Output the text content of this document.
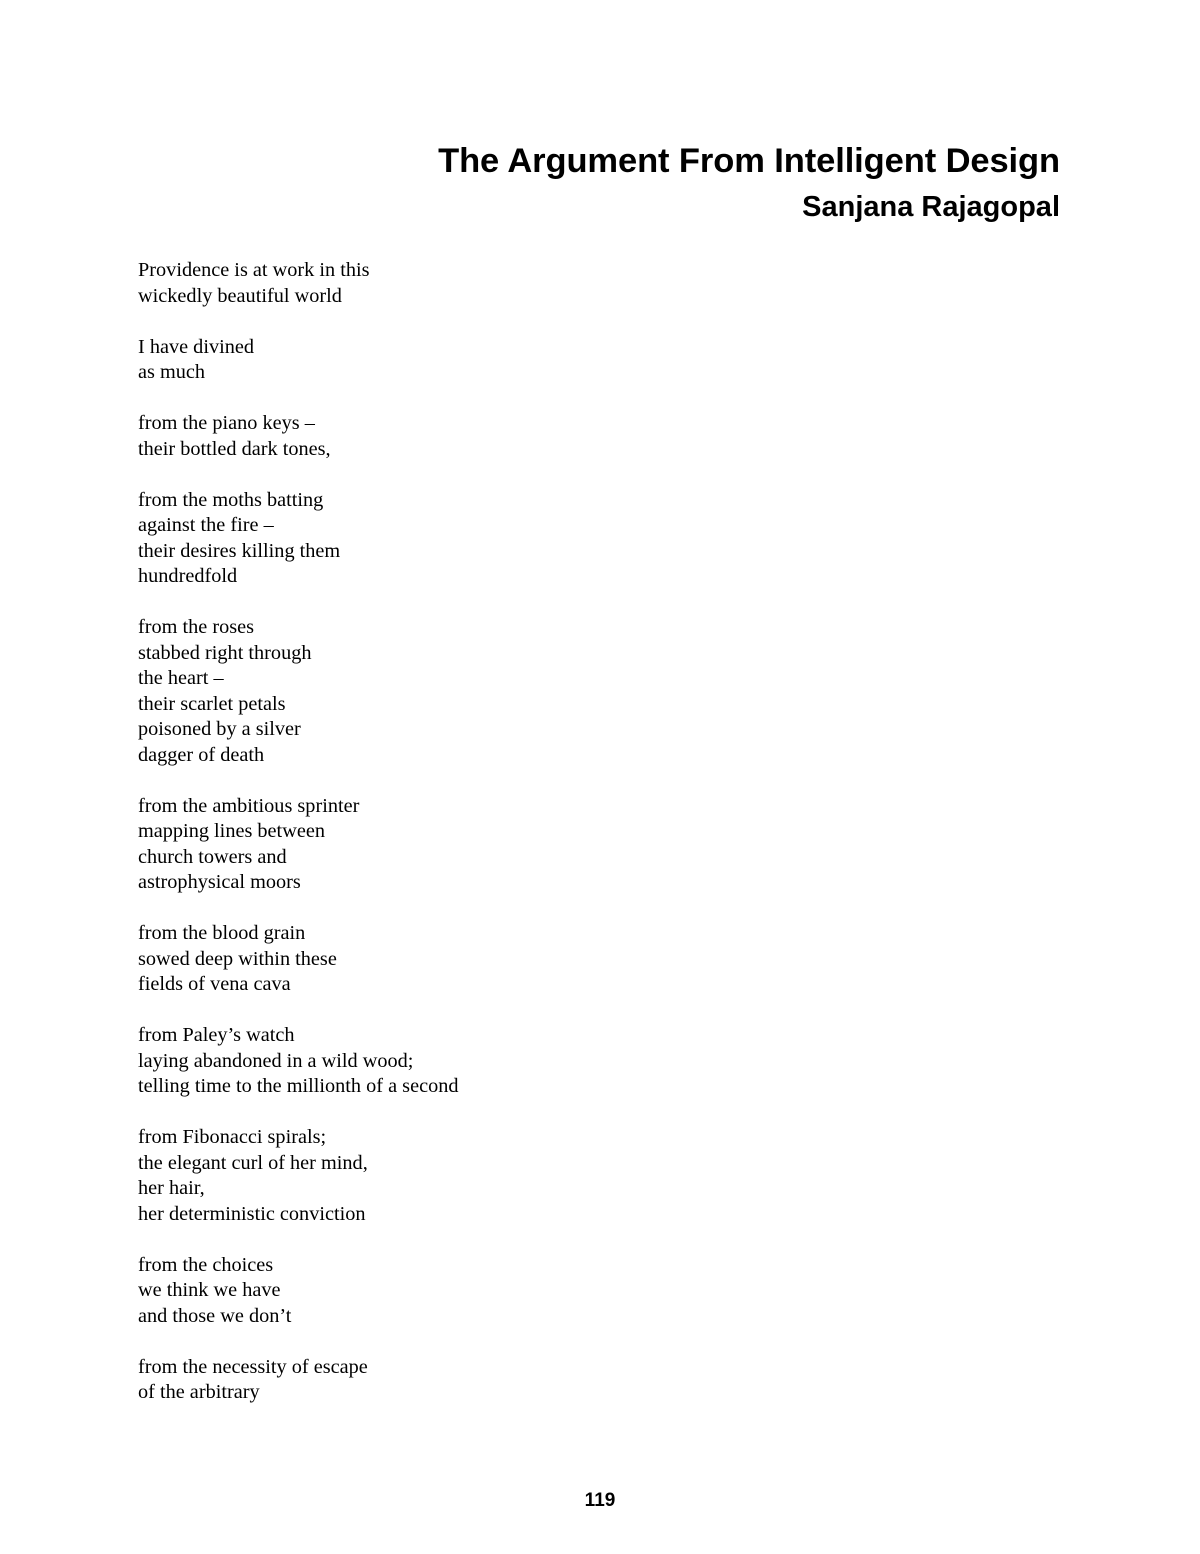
The Argument From Intelligent Design
Sanjana Rajagopal
Providence is at work in this
wickedly beautiful world
I have divined
as much
from the piano keys –
their bottled dark tones,
from the moths batting
against the fire –
their desires killing them
hundredfold
from the roses
stabbed right through
the heart –
their scarlet petals
poisoned by a silver
dagger of death
from the ambitious sprinter
mapping lines between
church towers and
astrophysical moors
from the blood grain
sowed deep within these
fields of vena cava
from Paley’s watch
laying abandoned in a wild wood;
telling time to the millionth of a second
from Fibonacci spirals;
the elegant curl of her mind,
her hair,
her deterministic conviction
from the choices
we think we have
and those we don’t
from the necessity of escape
of the arbitrary
119
